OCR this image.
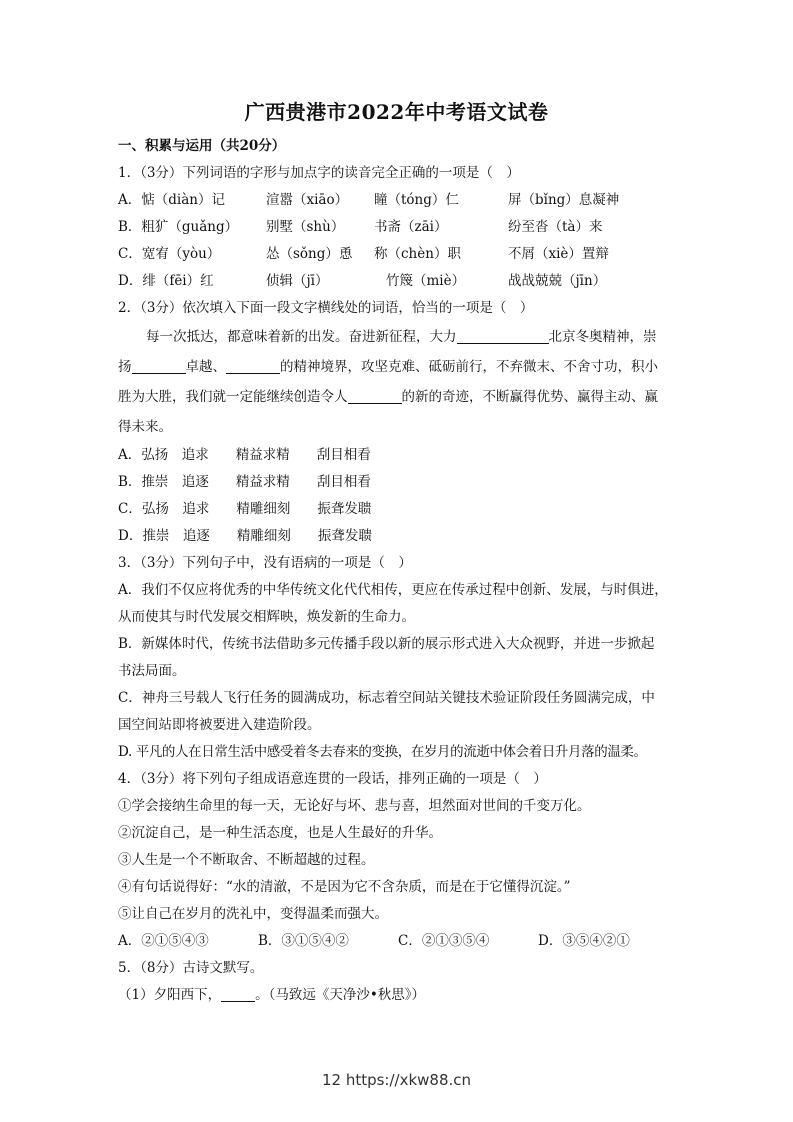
广西贵港市2022年中考语文试卷
一、积累与运用（共20分）
1．（3分）下列词语的字形与加点字的读音完全正确的一项是（　）
A．惦（diàn）记	渲嚣（xiāo）	瞳（tóng）仁	屏（bǐng）息凝神
B．粗犷（guǎng）	别墅（shù）	书斋（zāi）	纷至沓（tà）来
C．宽宥（yòu）	怂（sǒng）恿	称（chèn）职	不屑（xiè）置辩
D．绯（fēi）红	侦辑（jī）	竹篾（miè）	战战兢兢（jīn）
2．（3分）依次填入下面一段文字横线处的词语，恰当的一项是（　）
每一次抵达，都意味着新的出发。奋进新征程，大力	北京冬奥精神，崇
扬	卓越、	的精神境界，攻坚克难、砥砺前行，不弃微末、不舍寸功，积小
胜为大胜，我们就一定能继续创造令人	的新的奇迹，不断赢得优势、赢得主动、赢
得未来。
A．弘扬　追求　　精益求精　　刮目相看
B．推崇　追逐　　精益求精　　刮目相看
C．弘扬　追求　　精雕细刻　　振聋发聩
D．推崇　追逐　　精雕细刻　　振聋发聩
3．（3分）下列句子中，没有语病的一项是（　）
A．我们不仅应将优秀的中华传统文化代代相传，更应在传承过程中创新、发展，与时俱进，
从而使其与时代发展交相辉映，焕发新的生命力。
B．新媒体时代，传统书法借助多元传播手段以新的展示形式进入大众视野，并进一步掀起
书法局面。
C．神舟三号载人飞行任务的圆满成功，标志着空间站关键技术验证阶段任务圆满完成，中
国空间站即将被要进入建造阶段。
D. 平凡的人在日常生活中感受着冬去春来的变换，在岁月的流逝中体会着日升月落的温柔。
4．（3分）将下列句子组成语意连贯的一段话，排列正确的一项是（　）
①学会接纳生命里的每一天，无论好与坏、悲与喜，坦然面对世间的千变万化。
②沉淀自己，是一种生活态度，也是人生最好的升华。
③人生是一个不断取舍、不断超越的过程。
④有句话说得好：“水的清澈，不是因为它不含杂质，而是在于它懂得沉淀。”
⑤让自己在岁月的洗礼中，变得温柔而强大。
A．②①⑤④③	B．③①⑤④②	C．②①③⑤④	D．③⑤④②①
5．（8分）古诗文默写。
（1）夕阳西下，	。（马致远《天净沙•秋思》）
12 https://xkw88.cn
